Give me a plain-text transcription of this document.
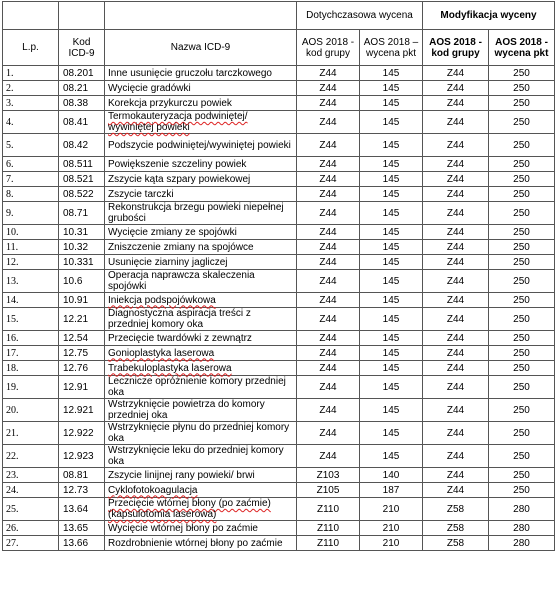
			Dotychczasowa wycena		Modyfikacja wyceny	
L.p.	Kod ICD-9	Nazwa ICD-9	AOS 2018 - kod grupy	AOS 2018 – wycena pkt	AOS 2018 - kod grupy	AOS 2018 - wycena pkt
1.	08.201	Inne usunięcie gruczołu tarczkowego	Z44	145	Z44	250
2.	08.21	Wycięcie gradówki	Z44	145	Z44	250
3.	08.38	Korekcja przykurczu powiek	Z44	145	Z44	250
4.	08.41	Termokauteryzacja podwiniętej/ wywiniętej powieki	Z44	145	Z44	250
5.	08.42	Podszycie podwiniętej/wywiniętej powieki	Z44	145	Z44	250
6.	08.511	Powiększenie szczeliny powiek	Z44	145	Z44	250
7.	08.521	Zszycie kąta szpary powiekowej	Z44	145	Z44	250
8.	08.522	Zszycie tarczki	Z44	145	Z44	250
9.	08.71	Rekonstrukcja brzegu powieki niepełnej grubości	Z44	145	Z44	250
10.	10.31	Wycięcie zmiany ze spojówki	Z44	145	Z44	250
11.	10.32	Zniszczenie zmiany na spojówce	Z44	145	Z44	250
12.	10.331	Usunięcie ziarniny jagliczej	Z44	145	Z44	250
13.	10.6	Operacja naprawcza skaleczenia spojówki	Z44	145	Z44	250
14.	10.91	Iniekcja podspojówkowa	Z44	145	Z44	250
15.	12.21	Diagnostyczna aspiracja treści z przedniej komory oka	Z44	145	Z44	250
16.	12.54	Przecięcie twardówki z zewnątrz	Z44	145	Z44	250
17.	12.75	Gonioplastyka laserowa	Z44	145	Z44	250
18.	12.76	Trabekuloplastyka laserowa	Z44	145	Z44	250
19.	12.91	Lecznicze opróżnienie komory przedniej oka	Z44	145	Z44	250
20.	12.921	Wstrzyknięcie powietrza do komory przedniej oka	Z44	145	Z44	250
21.	12.922	Wstrzyknięcie płynu do przedniej komory oka	Z44	145	Z44	250
22.	12.923	Wstrzyknięcie leku do przedniej komory oka	Z44	145	Z44	250
23.	08.81	Zszycie linijnej rany powieki/ brwi	Z103	140	Z44	250
24.	12.73	Cyklofotokoagulacja	Z105	187	Z44	250
25.	13.64	Przecięcie wtórnej błony (po zaćmie) (kapsulotomia laserowa)	Z110	210	Z58	280
26.	13.65	Wycięcie wtórnej błony po zaćmie	Z110	210	Z58	280
27.	13.66	Rozdrobnienie wtórnej błony po zaćmie	Z110	210	Z58	280
